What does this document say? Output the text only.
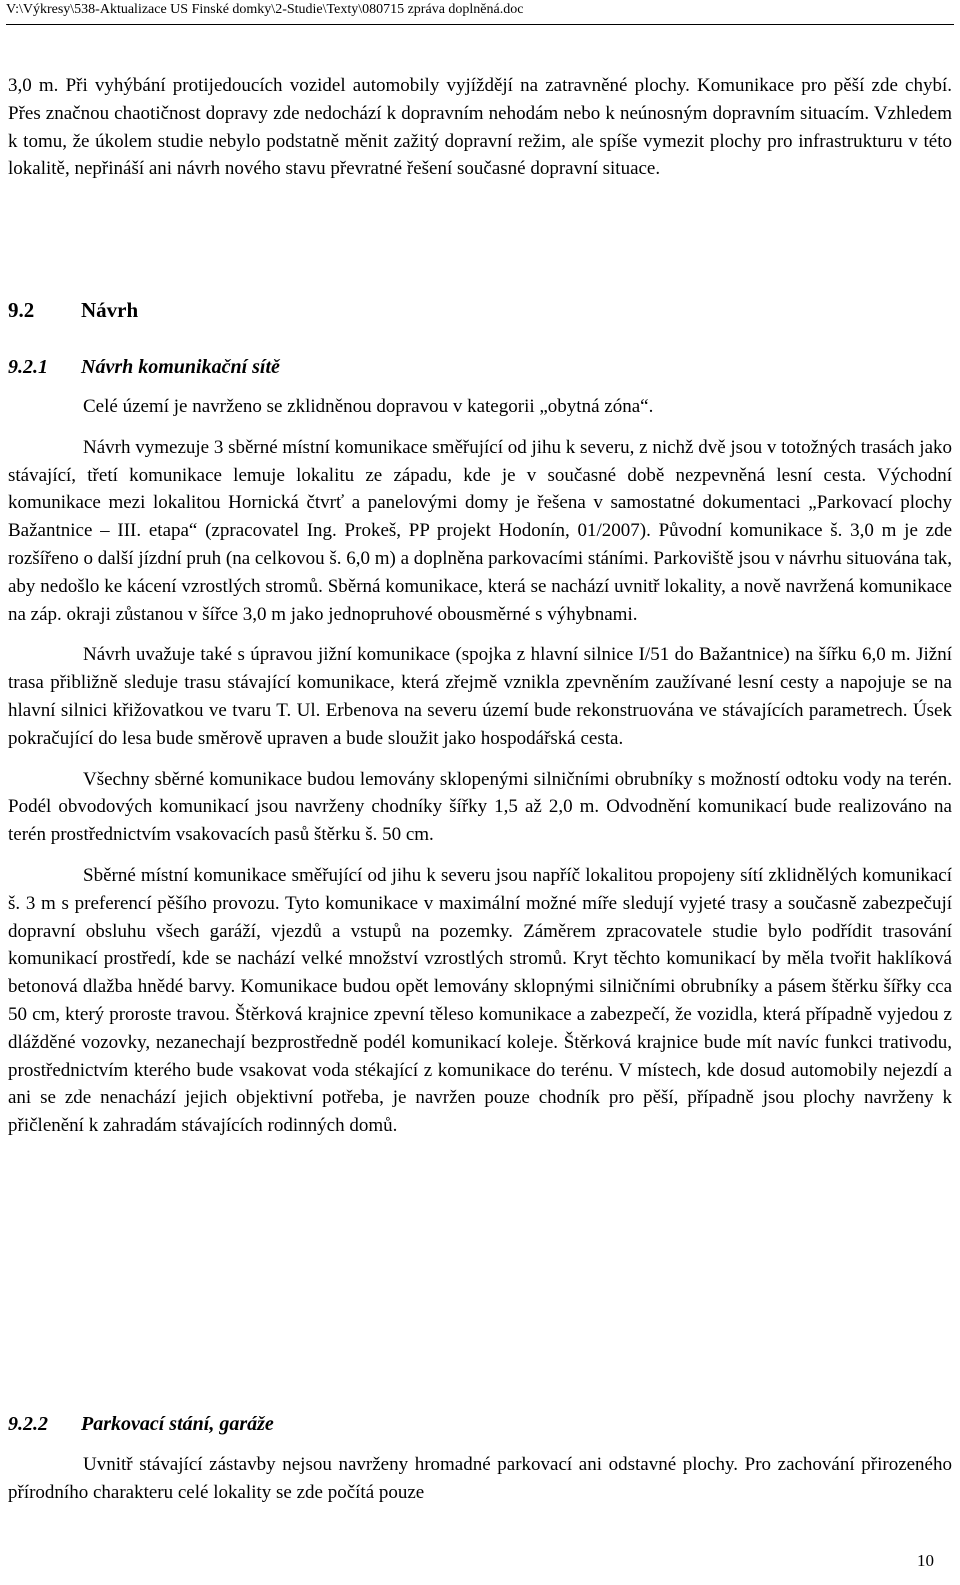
V:\Výkresy\538-Aktualizace US Finské domky\2-Studie\Texty\080715 zpráva doplněná.doc

3,0 m. Při vyhýbání protijedoucích vozidel automobily vyjíždějí na zatravněné plochy. Komunikace pro pěší zde chybí. Přes značnou chaotičnost dopravy zde nedochází k dopravním nehodám nebo k neúnosným dopravním situacím. Vzhledem k tomu, že úkolem studie nebylo podstatně měnit zažitý dopravní režim, ale spíše vymezit plochy pro infrastrukturu v této lokalitě, nepřináší ani návrh nového stavu převratné řešení současné dopravní situace.

9.2 Návrh
9.2.1 Návrh komunikační sítě

Celé území je navrženo se zklidněnou dopravou v kategorii „obytná zóna“.

Návrh vymezuje 3 sběrné místní komunikace směřující od jihu k severu, z nichž dvě jsou v totožných trasách jako stávající, třetí komunikace lemuje lokalitu ze západu, kde je v současné době nezpevněná lesní cesta. Východní komunikace mezi lokalitou Hornická čtvrť a panelovými domy je řešena v samostatné dokumentaci „Parkovací plochy Bažantnice – III. etapa“ (zpracovatel Ing. Prokeš, PP projekt Hodonín, 01/2007). Původní komunikace š. 3,0 m je zde rozšířeno o další jízdní pruh (na celkovou š. 6,0 m) a doplněna parkovacími stáními. Parkoviště jsou v návrhu situována tak, aby nedošlo ke kácení vzrostlých stromů. Sběrná komunikace, která se nachází uvnitř lokality, a nově navržená komunikace na záp. okraji zůstanou v šířce 3,0 m jako jednopruhové obousměrné s výhybnami.

Návrh uvažuje také s úpravou jižní komunikace (spojka z hlavní silnice I/51 do Bažantnice) na šířku 6,0 m. Jižní trasa přibližně sleduje trasu stávající komunikace, která zřejmě vznikla zpevněním zaužívané lesní cesty a napojuje se na hlavní silnici křižovatkou ve tvaru T. Ul. Erbenova na severu území bude rekonstruována ve stávajících parametrech. Úsek pokračující do lesa bude směrově upraven a bude sloužit jako hospodářská cesta.

Všechny sběrné komunikace budou lemovány sklopenými silničními obrubníky s možností odtoku vody na terén. Podél obvodových komunikací jsou navrženy chodníky šířky 1,5 až 2,0 m. Odvodnění komunikací bude realizováno na terén prostřednictvím vsakovacích pasů štěrku š. 50 cm.

Sběrné místní komunikace směřující od jihu k severu jsou napříč lokalitou propojeny sítí zklidnělých komunikací š. 3 m s preferencí pěšího provozu. Tyto komunikace v maximální možné míře sledují vyjeté trasy a současně zabezpečují dopravní obsluhu všech garáží, vjezdů a vstupů na pozemky. Záměrem zpracovatele studie bylo podřídit trasování komunikací prostředí, kde se nachází velké množství vzrostlých stromů. Kryt těchto komunikací by měla tvořit haklíková betonová dlažba hnědé barvy. Komunikace budou opět lemovány sklopnými silničními obrubníky a pásem štěrku šířky cca 50 cm, který proroste travou. Štěrková krajnice zpevní těleso komunikace a zabezpečí, že vozidla, která případně vyjedou z dlážděné vozovky, nezanechají bezprostředně podél komunikací koleje. Štěrková krajnice bude mít navíc funkci trativodu, prostřednictvím kterého bude vsakovat voda stékající z komunikace do terénu. V místech, kde dosud automobily nejezdí a ani se zde nenachází jejich objektivní potřeba, je navržen pouze chodník pro pěší, případně jsou plochy navrženy k přičlenění k zahradám stávajících rodinných domů.

9.2.2 Parkovací stání, garáže

Uvnitř stávající zástavby nejsou navrženy hromadné parkovací ani odstavné plochy. Pro zachování přirozeného přírodního charakteru celé lokality se zde počítá pouze

10
